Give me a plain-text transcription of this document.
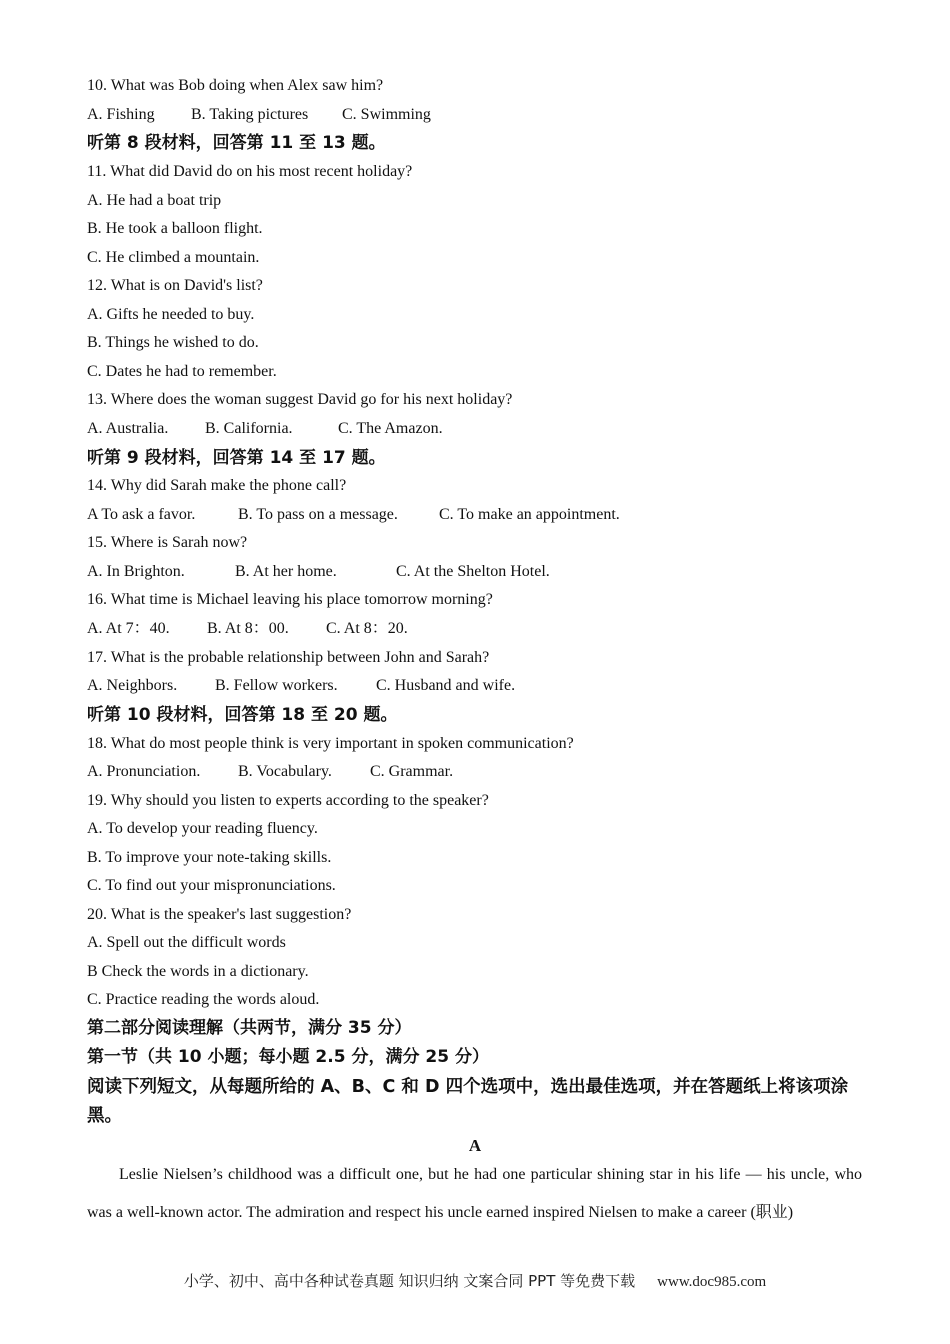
10. What was Bob doing when Alex saw him?
A. Fishing B. Taking pictures C. Swimming
听第 8 段材料，回答第 11 至 13 题。
11. What did David do on his most recent holiday?
A. He had a boat trip
B. He took a balloon flight.
C. He climbed a mountain.
12. What is on David's list?
A. Gifts he needed to buy.
B. Things he wished to do.
C. Dates he had to remember.
13. Where does the woman suggest David go for his next holiday?
A. Australia. B. California.	C. The Amazon.
听第 9 段材料，回答第 14 至 17 题。
14. Why did Sarah make the phone call?
A To ask a favor.	B. To pass on a message.	C. To make an appointment.
15. Where is Sarah now?
A. In Brighton.	B. At her home.	C. At the Shelton Hotel.
16. What time is Michael leaving his place tomorrow morning?
A. At 7：40. B. At 8：00. C. At 8：20.
17. What is the probable relationship between John and Sarah?
A. Neighbors. B. Fellow workers. C. Husband and wife.
听第 10 段材料，回答第 18 至 20 题。
18. What do most people think is very important in spoken communication?
A. Pronunciation. B. Vocabulary. C. Grammar.
19. Why should you listen to experts according to the speaker?
A. To develop your reading fluency.
B. To improve your note-taking skills.
C. To find out your mispronunciations.
20. What is the speaker's last suggestion?
A. Spell out the difficult words
B Check the words in a dictionary.
C. Practice reading the words aloud.
第二部分阅读理解（共两节，满分 35 分）
第一节（共 10 小题；每小题 2.5 分，满分 25 分）
阅读下列短文，从每题所给的 A、B、C 和 D 四个选项中，选出最佳选项，并在答题纸上将该项涂黑。
A
Leslie Nielsen’s childhood was a difficult one, but he had one particular shining star in his life — his uncle, who was a well-known actor. The admiration and respect his uncle earned inspired Nielsen to make a career (职业)
小学、初中、高中各种试卷真题 知识归纳 文案合同 PPT 等免费下载 www.doc985.com
